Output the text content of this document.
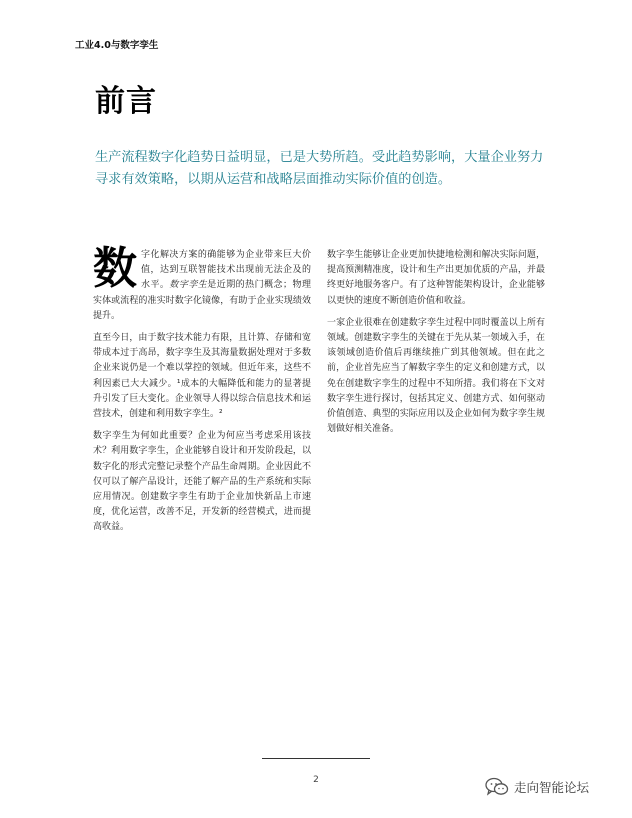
工业4.0与数字孪生
前言
生产流程数字化趋势日益明显，已是大势所趋。受此趋势影响，大量企业努力寻求有效策略，以期从运营和战略层面推动实际价值的创造。

数字化解决方案的确能够为企业带来巨大价值，达到互联智能技术出现前无法企及的水平。数字孪生是近期的热门概念；物理实体或流程的准实时数字化镜像，有助于企业实现绩效提升。

直至今日，由于数字技术能力有限，且计算、存储和宽带成本过于高昂，数字孪生及其海量数据处理对于多数企业来说仍是一个难以掌控的领域。但近年来，这些不利因素已大大减少。¹成本的大幅降低和能力的显著提升引发了巨大变化。企业领导人得以综合信息技术和运营技术，创建和利用数字孪生。²

数字孪生为何如此重要？企业为何应当考虑采用该技术？利用数字孪生，企业能够自设计和开发阶段起，以数字化的形式完整记录整个产品生命周期。企业因此不仅可以了解产品设计，还能了解产品的生产系统和实际应用情况。创建数字孪生有助于企业加快新品上市速度，优化运营，改善不足，开发新的经营模式，进而提高收益。

数字孪生能够让企业更加快捷地检测和解决实际问题，提高预测精准度，设计和生产出更加优质的产品，并最终更好地服务客户。有了这种智能架构设计，企业能够以更快的速度不断创造价值和收益。

一家企业很难在创建数字孪生过程中同时覆盖以上所有领域。创建数字孪生的关键在于先从某一领域入手，在该领域创造价值后再继续推广到其他领域。但在此之前，企业首先应当了解数字孪生的定义和创建方式，以免在创建数字孪生的过程中不知所措。我们将在下文对数字孪生进行探讨，包括其定义、创建方式、如何驱动价值创造、典型的实际应用以及企业如何为数字孪生规划做好相关准备。

2	走向智能论坛
